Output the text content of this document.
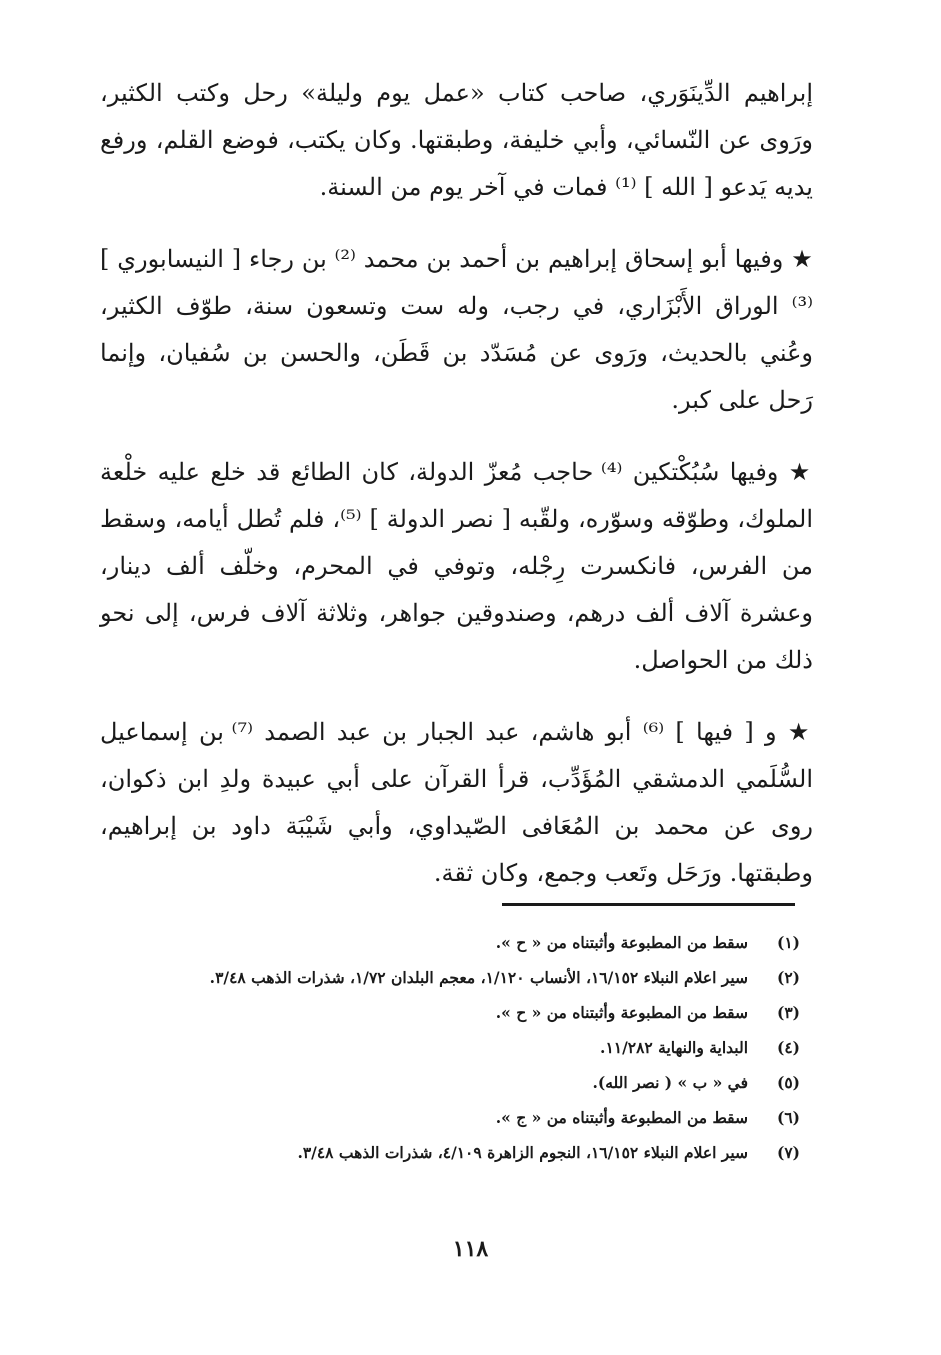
إبراهيم الدِّينَوَري، صاحب كتاب «عمل يوم وليلة» رحل وكتب الكثير، ورَوى عن النّسائي، وأبي خليفة، وطبقتها. وكان يكتب، فوضع القلم، ورفع يديه يَدعو [ الله ] ⁽¹⁾ فمات في آخر يوم من السنة.

★ وفيها أبو إسحاق إبراهيم بن أحمد بن محمد ⁽²⁾ بن رجاء [ النيسابوري ] ⁽³⁾ الوراق الأَبْزَاري، في رجب، وله ست وتسعون سنة، طوّف الكثير، وعُني بالحديث، ورَوى عن مُسَدّد بن قَطَن، والحسن بن سُفيان، وإنما رَحل على كبر.

★ وفيها سُبُكْتكين ⁽⁴⁾ حاجب مُعزّ الدولة، كان الطائع قد خلع عليه خلْعة الملوك، وطوّقه وسوّره، ولقّبه [ نصر الدولة ] ⁽⁵⁾، فلم تُطل أيامه، وسقط من الفرس، فانكسرت رِجْله، وتوفي في المحرم، وخلّف ألف دينار، وعشرة آلاف ألف درهم، وصندوقين جواهر، وثلاثة آلاف فرس، إلى نحو ذلك من الحواصل.

★ و [ فيها ] ⁽⁶⁾ أبو هاشم، عبد الجبار بن عبد الصمد ⁽⁷⁾ بن إسماعيل السُّلَمي الدمشقي المُؤَدِّب، قرأ القرآن على أبي عبيدة ولدِ ابن ذكوان، روى عن محمد بن المُعَافى الصّيداوي، وأبي شَيْبَة داود بن إبراهيم، وطبقتها. ورَحَل وتَعب وجمع، وكان ثقة.

(١)
سقط من المطبوعة وأثبتناه من « ح ».

(٢)
سير اعلام النبلاء ١٦/١٥٢، الأنساب ١/١٢٠، معجم البلدان ١/٧٢، شذرات الذهب ٣/٤٨.

(٣)
سقط من المطبوعة وأثبتناه من « ح ».

(٤)
البداية والنهاية ١١/٢٨٢.

(٥)
في « ب » ( نصر الله).

(٦)
سقط من المطبوعة وأثبتناه من « ج ».

(٧)
سير اعلام النبلاء ١٦/١٥٢، النجوم الزاهرة ٤/١٠٩، شذرات الذهب ٣/٤٨.

١١٨
